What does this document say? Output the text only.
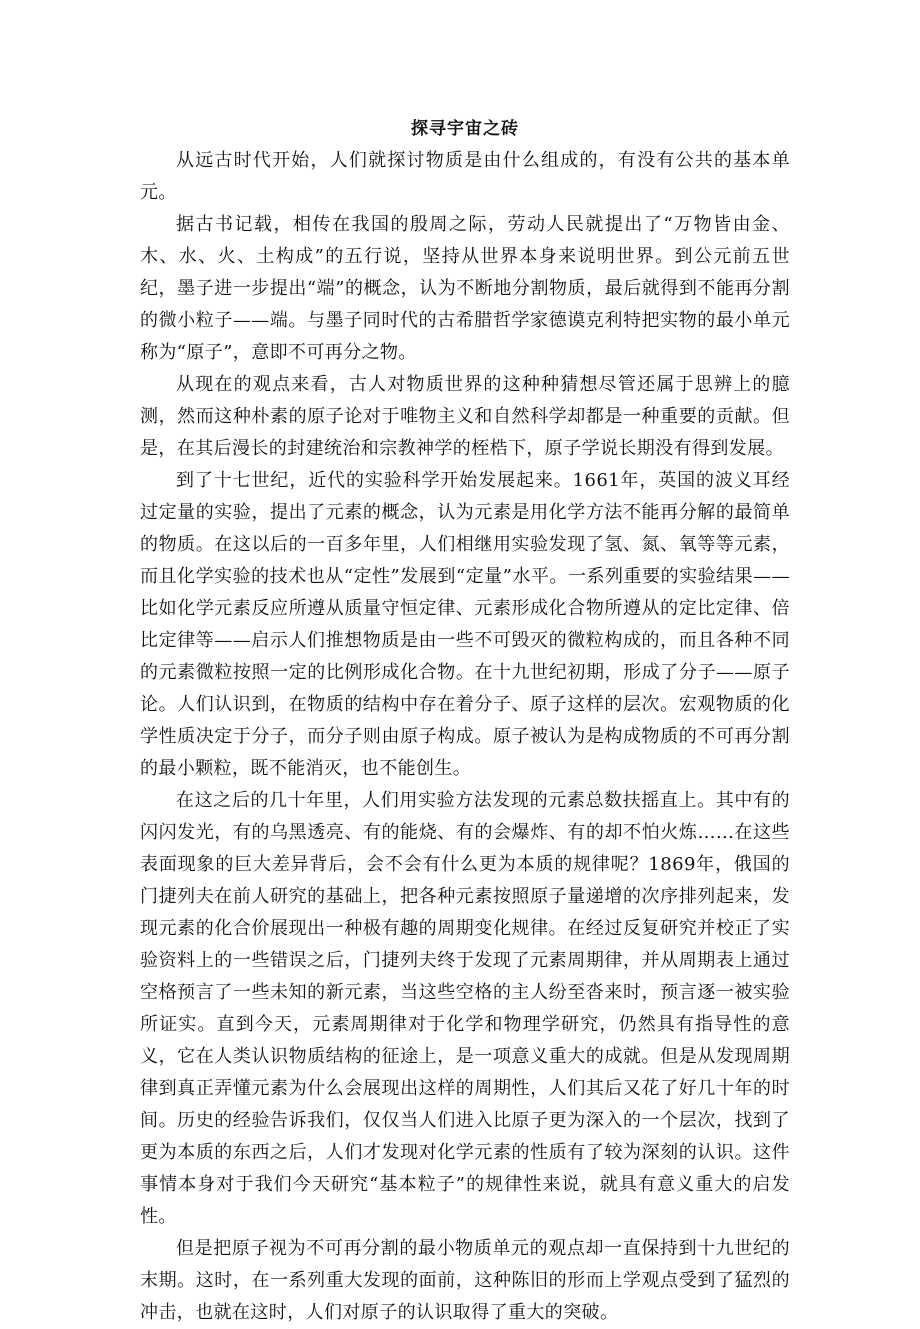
探寻宇宙之砖

从远古时代开始，人们就探讨物质是由什么组成的，有没有公共的基本单元。

据古书记载，相传在我国的殷周之际，劳动人民就提出了“万物皆由金、木、水、火、土构成”的五行说，坚持从世界本身来说明世界。到公元前五世纪，墨子进一步提出“端”的概念，认为不断地分割物质，最后就得到不能再分割的微小粒子——端。与墨子同时代的古希腊哲学家德谟克利特把实物的最小单元称为“原子”，意即不可再分之物。

从现在的观点来看，古人对物质世界的这种种猜想尽管还属于思辨上的臆测，然而这种朴素的原子论对于唯物主义和自然科学却都是一种重要的贡献。但是，在其后漫长的封建统治和宗教神学的桎梏下，原子学说长期没有得到发展。

到了十七世纪，近代的实验科学开始发展起来。1661年，英国的波义耳经过定量的实验，提出了元素的概念，认为元素是用化学方法不能再分解的最简单的物质。在这以后的一百多年里，人们相继用实验发现了氢、氮、氧等等元素，而且化学实验的技术也从“定性”发展到“定量”水平。一系列重要的实验结果——比如化学元素反应所遵从质量守恒定律、元素形成化合物所遵从的定比定律、倍比定律等——启示人们推想物质是由一些不可毁灭的微粒构成的，而且各种不同的元素微粒按照一定的比例形成化合物。在十九世纪初期，形成了分子——原子论。人们认识到，在物质的结构中存在着分子、原子这样的层次。宏观物质的化学性质决定于分子，而分子则由原子构成。原子被认为是构成物质的不可再分割的最小颗粒，既不能消灭，也不能创生。

在这之后的几十年里，人们用实验方法发现的元素总数扶摇直上。其中有的闪闪发光，有的乌黑透亮、有的能烧、有的会爆炸、有的却不怕火炼……在这些表面现象的巨大差异背后，会不会有什么更为本质的规律呢？1869年，俄国的门捷列夫在前人研究的基础上，把各种元素按照原子量递增的次序排列起来，发现元素的化合价展现出一种极有趣的周期变化规律。在经过反复研究并校正了实验资料上的一些错误之后，门捷列夫终于发现了元素周期律，并从周期表上通过空格预言了一些未知的新元素，当这些空格的主人纷至沓来时，预言逐一被实验所证实。直到今天，元素周期律对于化学和物理学研究，仍然具有指导性的意义，它在人类认识物质结构的征途上，是一项意义重大的成就。但是从发现周期律到真正弄懂元素为什么会展现出这样的周期性，人们其后又花了好几十年的时间。历史的经验告诉我们，仅仅当人们进入比原子更为深入的一个层次，找到了更为本质的东西之后，人们才发现对化学元素的性质有了较为深刻的认识。这件事情本身对于我们今天研究“基本粒子”的规律性来说，就具有意义重大的启发性。

但是把原子视为不可再分割的最小物质单元的观点却一直保持到十九世纪的末期。这时，在一系列重大发现的面前，这种陈旧的形而上学观点受到了猛烈的冲击，也就在这时，人们对原子的认识取得了重大的突破。
